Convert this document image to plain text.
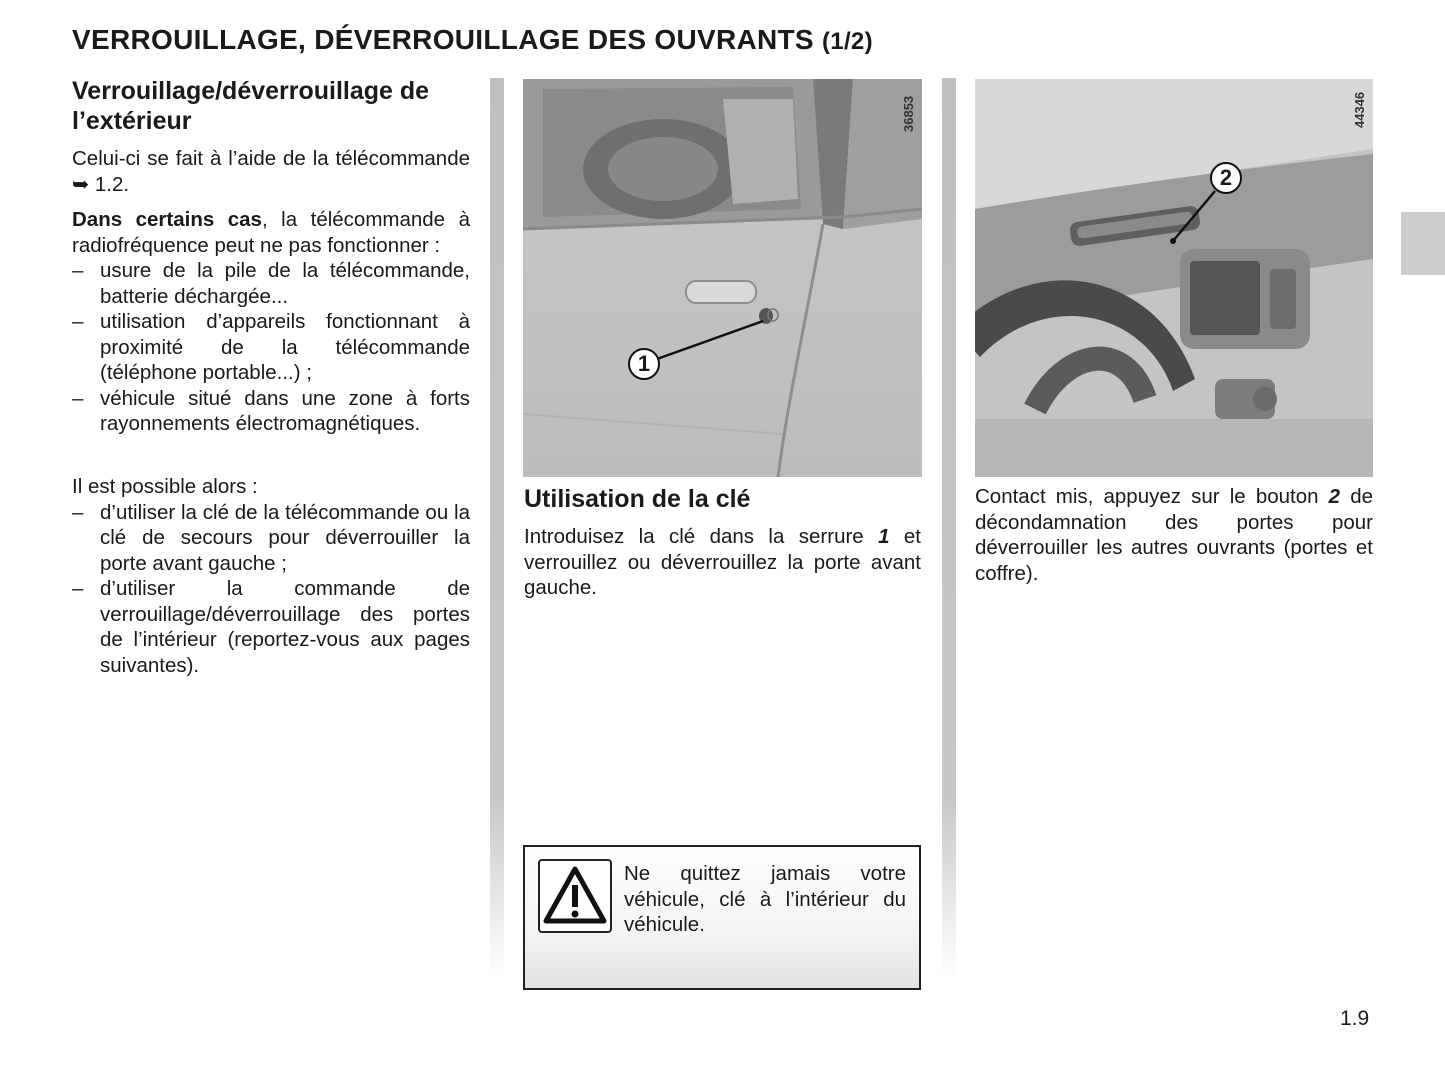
VERROUILLAGE, DÉVERROUILLAGE DES OUVRANTS (1/2)
Verrouillage/déverrouillage de l’extérieur
Celui-ci se fait à l’aide de la télécommande ➥ 1.2.
Dans certains cas, la télécommande à radiofréquence peut ne pas fonctionner :
– usure de la pile de la télécommande, batterie déchargée...
– utilisation d’appareils fonctionnant à proximité de la télécommande (téléphone portable...) ;
– véhicule situé dans une zone à forts rayonnements électromagnétiques.
Il est possible alors :
– d’utiliser la clé de la télécommande ou la clé de secours pour déverrouiller la porte avant gauche ;
– d’utiliser la commande de verrouillage/déverrouillage des portes de l’intérieur (reportez-vous aux pages suivantes).
36853
1
Utilisation de la clé
Introduisez la clé dans la serrure 1 et verrouillez ou déverrouillez la porte avant gauche.
Ne quittez jamais votre véhicule, clé à l’intérieur du véhicule.
44346
2
Contact mis, appuyez sur le bouton 2 de décondamnation des portes pour déverrouiller les autres ouvrants (portes et coffre).
1.9
